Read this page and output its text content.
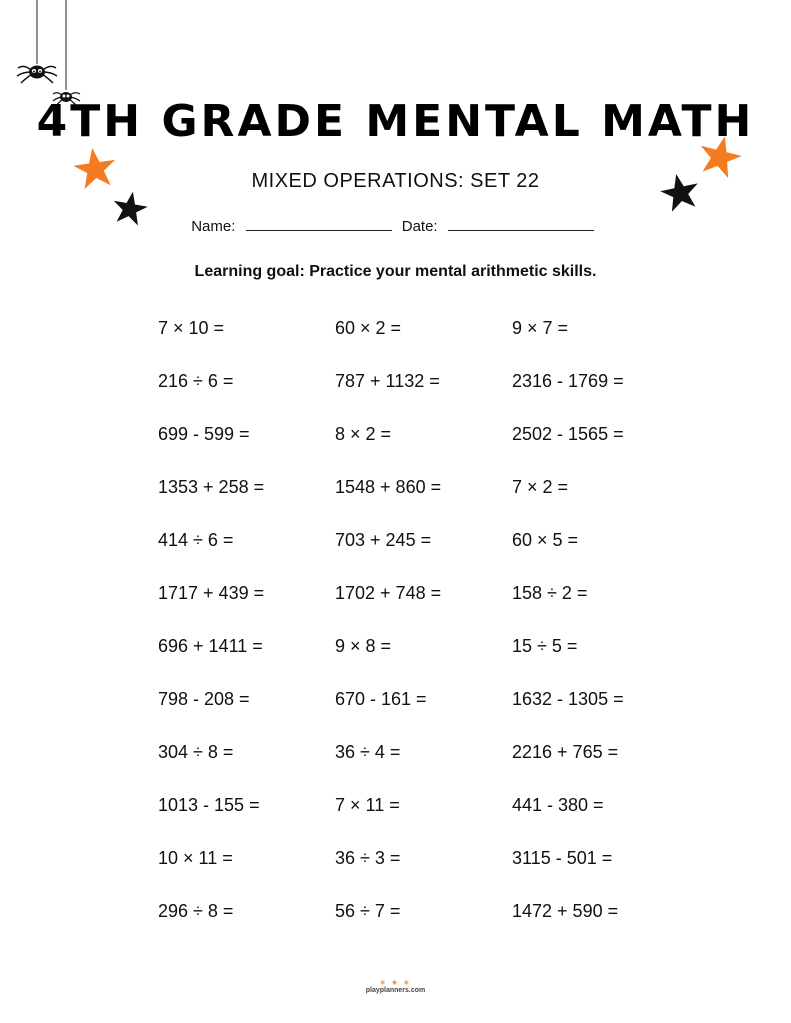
4TH GRADE MENTAL MATH
MIXED OPERATIONS: SET 22
Name:	Date:
Learning goal: Practice your mental arithmetic skills.
7 × 10 =	60 × 2 =	9 × 7 =
216 ÷ 6 =	787 + 1132 =	2316 - 1769 =
699 - 599 =	8 × 2 =	2502 - 1565 =
1353 + 258 =	1548 + 860 =	7 × 2 =
414 ÷ 6 =	703 + 245 =	60 × 5 =
1717 + 439 =	1702 + 748 =	158 ÷ 2 =
696 + 1411 =	9 × 8 =	15 ÷ 5 =
798 - 208 =	670 - 161 =	1632 - 1305 =
304 ÷ 8 =	36 ÷ 4 =	2216 + 765 =
1013 - 155 =	7 × 11 =	441 - 380 =
10 × 11 =	36 ÷ 3 =	3115 - 501 =
296 ÷ 8 =	56 ÷ 7 =	1472 + 590 =
✶ ✷ ✶
playplanners.com
